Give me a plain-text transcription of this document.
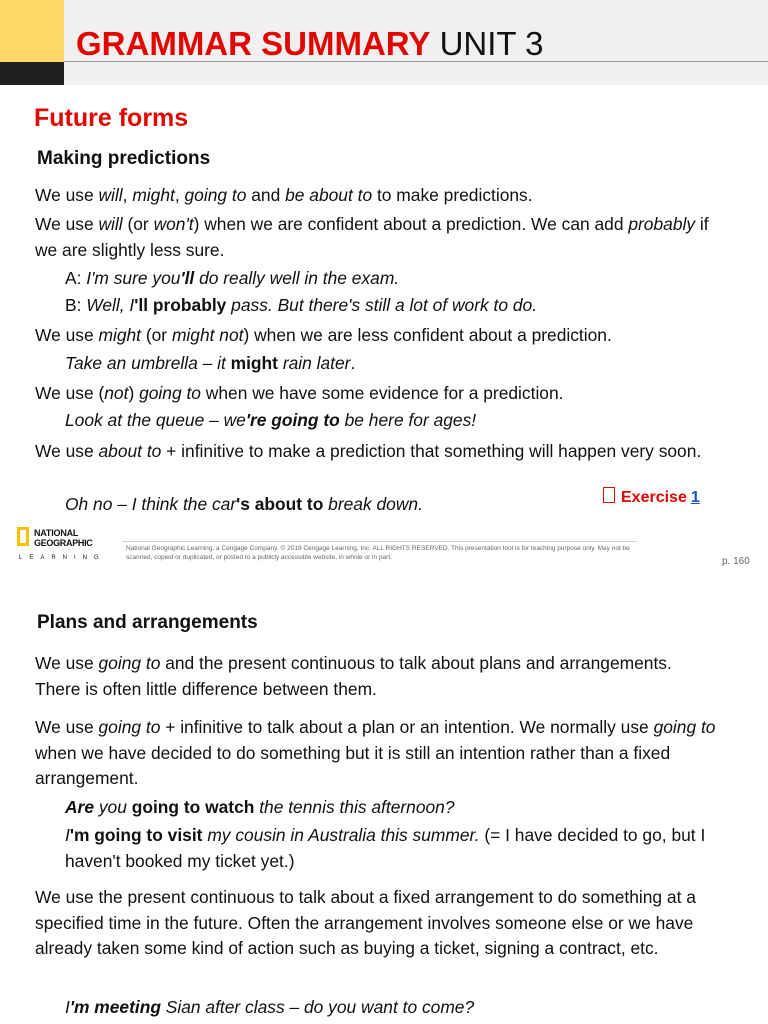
GRAMMAR SUMMARY UNIT 3
Future forms
Making predictions
We use will, might, going to and be about to to make predictions.
We use will (or won't) when we are confident about a prediction. We can add probably if we are slightly less sure.
A: I'm sure you'll do really well in the exam.
B: Well, I'll probably pass. But there's still a lot of work to do.
We use might (or might not) when we are less confident about a prediction.
Take an umbrella – it might rain later.
We use (not) going to when we have some evidence for a prediction.
Look at the queue – we're going to be here for ages!
We use about to + infinitive to make a prediction that something will happen very soon.
Oh no – I think the car's about to break down.	Exercise 1
NATIONAL
GEOGRAPHIC
LEARNING
National Geographic Learning, a Cengage Company. © 2019 Cengage Learning, Inc. ALL RIGHTS RESERVED. This presentation tool is for teaching purpose only. May not be scanned, copied or duplicated, or posted to a publicly accessible website, in whole or in part.	p. 160
Plans and arrangements
We use going to and the present continuous to talk about plans and arrangements. There is often little difference between them.
We use going to + infinitive to talk about a plan or an intention. We normally use going to when we have decided to do something but it is still an intention rather than a fixed arrangement.
Are you going to watch the tennis this afternoon?
I'm going to visit my cousin in Australia this summer. (= I have decided to go, but I haven't booked my ticket yet.)
We use the present continuous to talk about a fixed arrangement to do something at a specified time in the future. Often the arrangement involves someone else or we have already taken some kind of action such as buying a ticket, signing a contract, etc.
I'm meeting Sian after class – do you want to come?
